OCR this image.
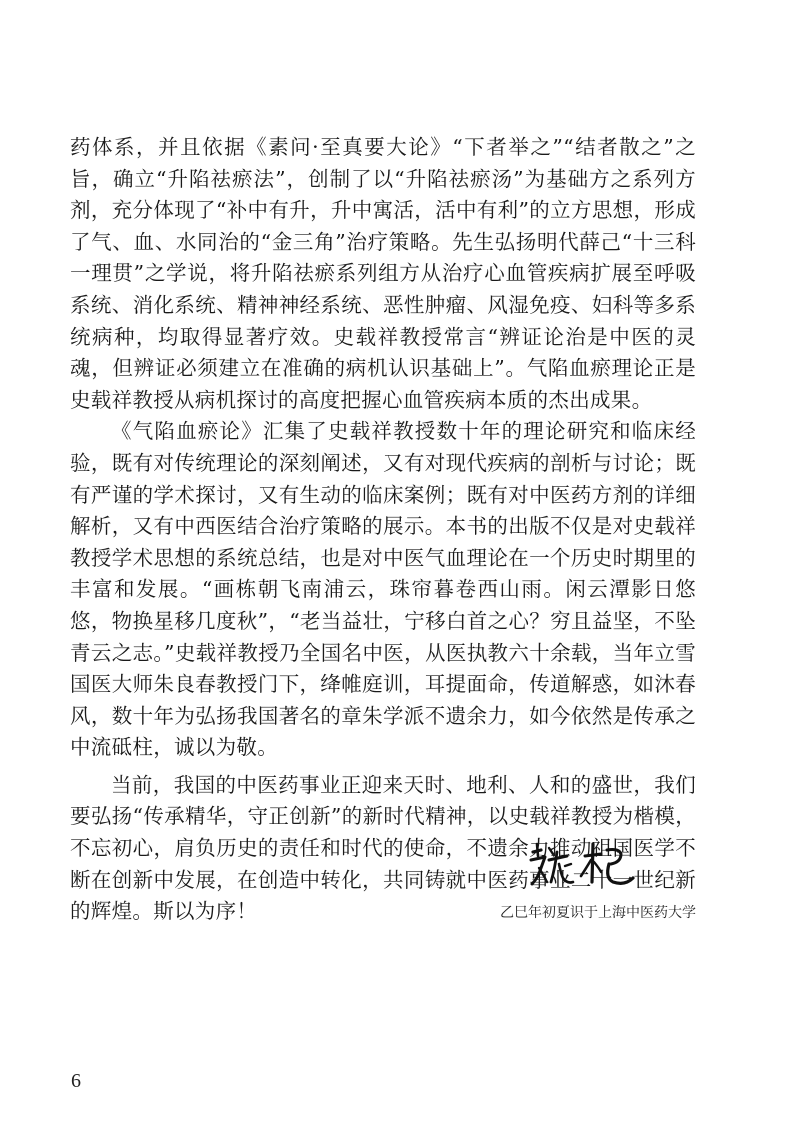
药体系，并且依据《素问·至真要大论》“下者举之”“结者散之”之旨，确立“升陷祛瘀法”，创制了以“升陷祛瘀汤”为基础方之系列方剂，充分体现了“补中有升，升中寓活，活中有利”的立方思想，形成了气、血、水同治的“金三角”治疗策略。先生弘扬明代薛己“十三科一理贯”之学说，将升陷祛瘀系列组方从治疗心血管疾病扩展至呼吸系统、消化系统、精神神经系统、恶性肿瘤、风湿免疫、妇科等多系统病种，均取得显著疗效。史载祥教授常言“辨证论治是中医的灵魂，但辨证必须建立在准确的病机认识基础上”。气陷血瘀理论正是史载祥教授从病机探讨的高度把握心血管疾病本质的杰出成果。

《气陷血瘀论》汇集了史载祥教授数十年的理论研究和临床经验，既有对传统理论的深刻阐述，又有对现代疾病的剖析与讨论；既有严谨的学术探讨，又有生动的临床案例；既有对中医药方剂的详细解析，又有中西医结合治疗策略的展示。本书的出版不仅是对史载祥教授学术思想的系统总结，也是对中医气血理论在一个历史时期里的丰富和发展。“画栋朝飞南浦云，珠帘暮卷西山雨。闲云潭影日悠悠，物换星移几度秋”，“老当益壮，宁移白首之心？穷且益坚，不坠青云之志。”史载祥教授乃全国名中医，从医执教六十余载，当年立雪国医大师朱良春教授门下，绛帷庭训，耳提面命，传道解惑，如沐春风，数十年为弘扬我国著名的章朱学派不遗余力，如今依然是传承之中流砥柱，诚以为敬。

当前，我国的中医药事业正迎来天时、地利、人和的盛世，我们要弘扬“传承精华，守正创新”的新时代精神，以史载祥教授为楷模，不忘初心，肩负历史的责任和时代的使命，不遗余力推动祖国医学不断在创新中发展，在创造中转化，共同铸就中医药事业二十一世纪新的辉煌。斯以为序！	乙巳年初夏识于上海中医药大学
6
